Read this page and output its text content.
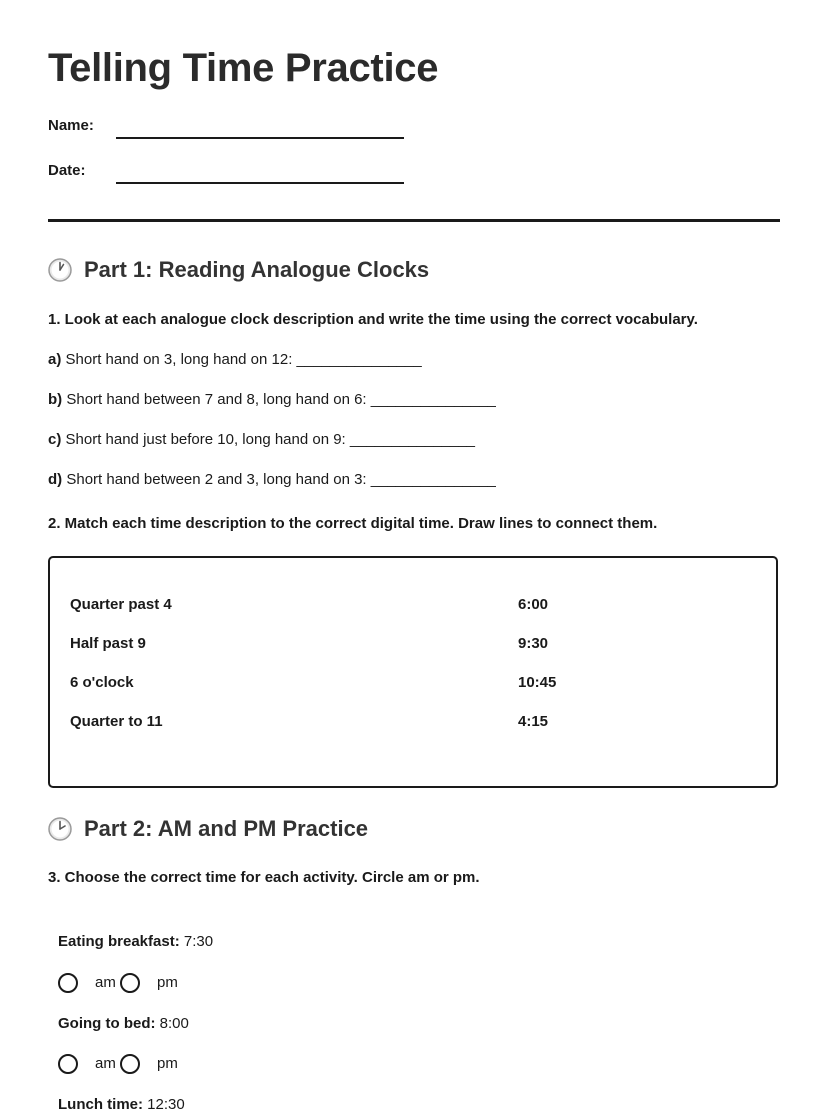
Telling Time Practice
Name:
Date:
Part 1: Reading Analogue Clocks
1. Look at each analogue clock description and write the time using the correct vocabulary.
a) Short hand on 3, long hand on 12: _______________
b) Short hand between 7 and 8, long hand on 6: _______________
c) Short hand just before 10, long hand on 9: _______________
d) Short hand between 2 and 3, long hand on 3: _______________
2. Match each time description to the correct digital time. Draw lines to connect them.
Quarter past 4
Half past 9
6 o'clock
Quarter to 11
6:00
9:30
10:45
4:15
Part 2: AM and PM Practice
3. Choose the correct time for each activity. Circle am or pm.
Eating breakfast: 7:30
am	pm
Going to bed: 8:00
am	pm
Lunch time: 12:30
